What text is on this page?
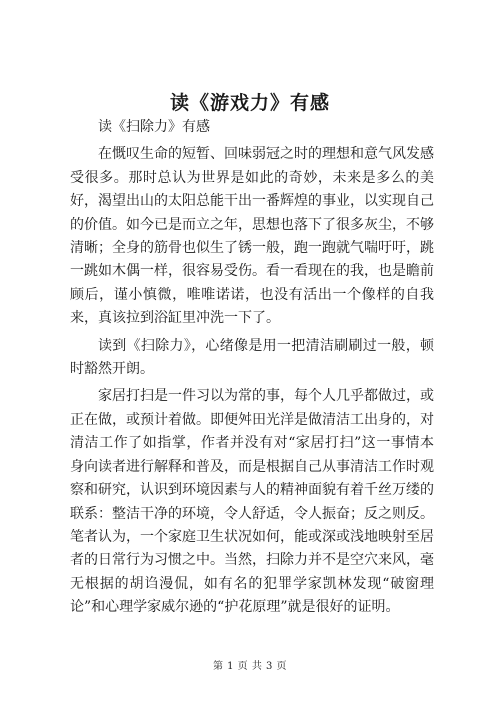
读《游戏力》有感

读《扫除力》有感

在慨叹生命的短暂、回味弱冠之时的理想和意气风发感受很多。那时总认为世界是如此的奇妙，未来是多么的美好，渴望出山的太阳总能干出一番辉煌的事业，以实现自己的价值。如今已是而立之年，思想也落下了很多灰尘，不够清晰；全身的筋骨也似生了锈一般，跑一跑就气喘吁吁，跳一跳如木偶一样，很容易受伤。看一看现在的我，也是瞻前顾后，谨小慎微，唯唯诺诺，也没有活出一个像样的自我来，真该拉到浴缸里冲洗一下了。

读到《扫除力》，心绪像是用一把清洁刷刷过一般，顿时豁然开朗。

家居打扫是一件习以为常的事，每个人几乎都做过，或正在做，或预计着做。即便舛田光洋是做清洁工出身的，对清洁工作了如指掌，作者并没有对“家居打扫”这一事情本身向读者进行解释和普及，而是根据自己从事清洁工作时观察和研究，认识到环境因素与人的精神面貌有着千丝万缕的联系：整洁干净的环境，令人舒适，令人振奋；反之则反。笔者认为，一个家庭卫生状况如何，能或深或浅地映射至居者的日常行为习惯之中。当然，扫除力并不是空穴来风，毫无根据的胡诌漫侃，如有名的犯罪学家凯林发现“破窗理论”和心理学家威尔逊的“护花原理”就是很好的证明。

第 1 页 共 3 页
